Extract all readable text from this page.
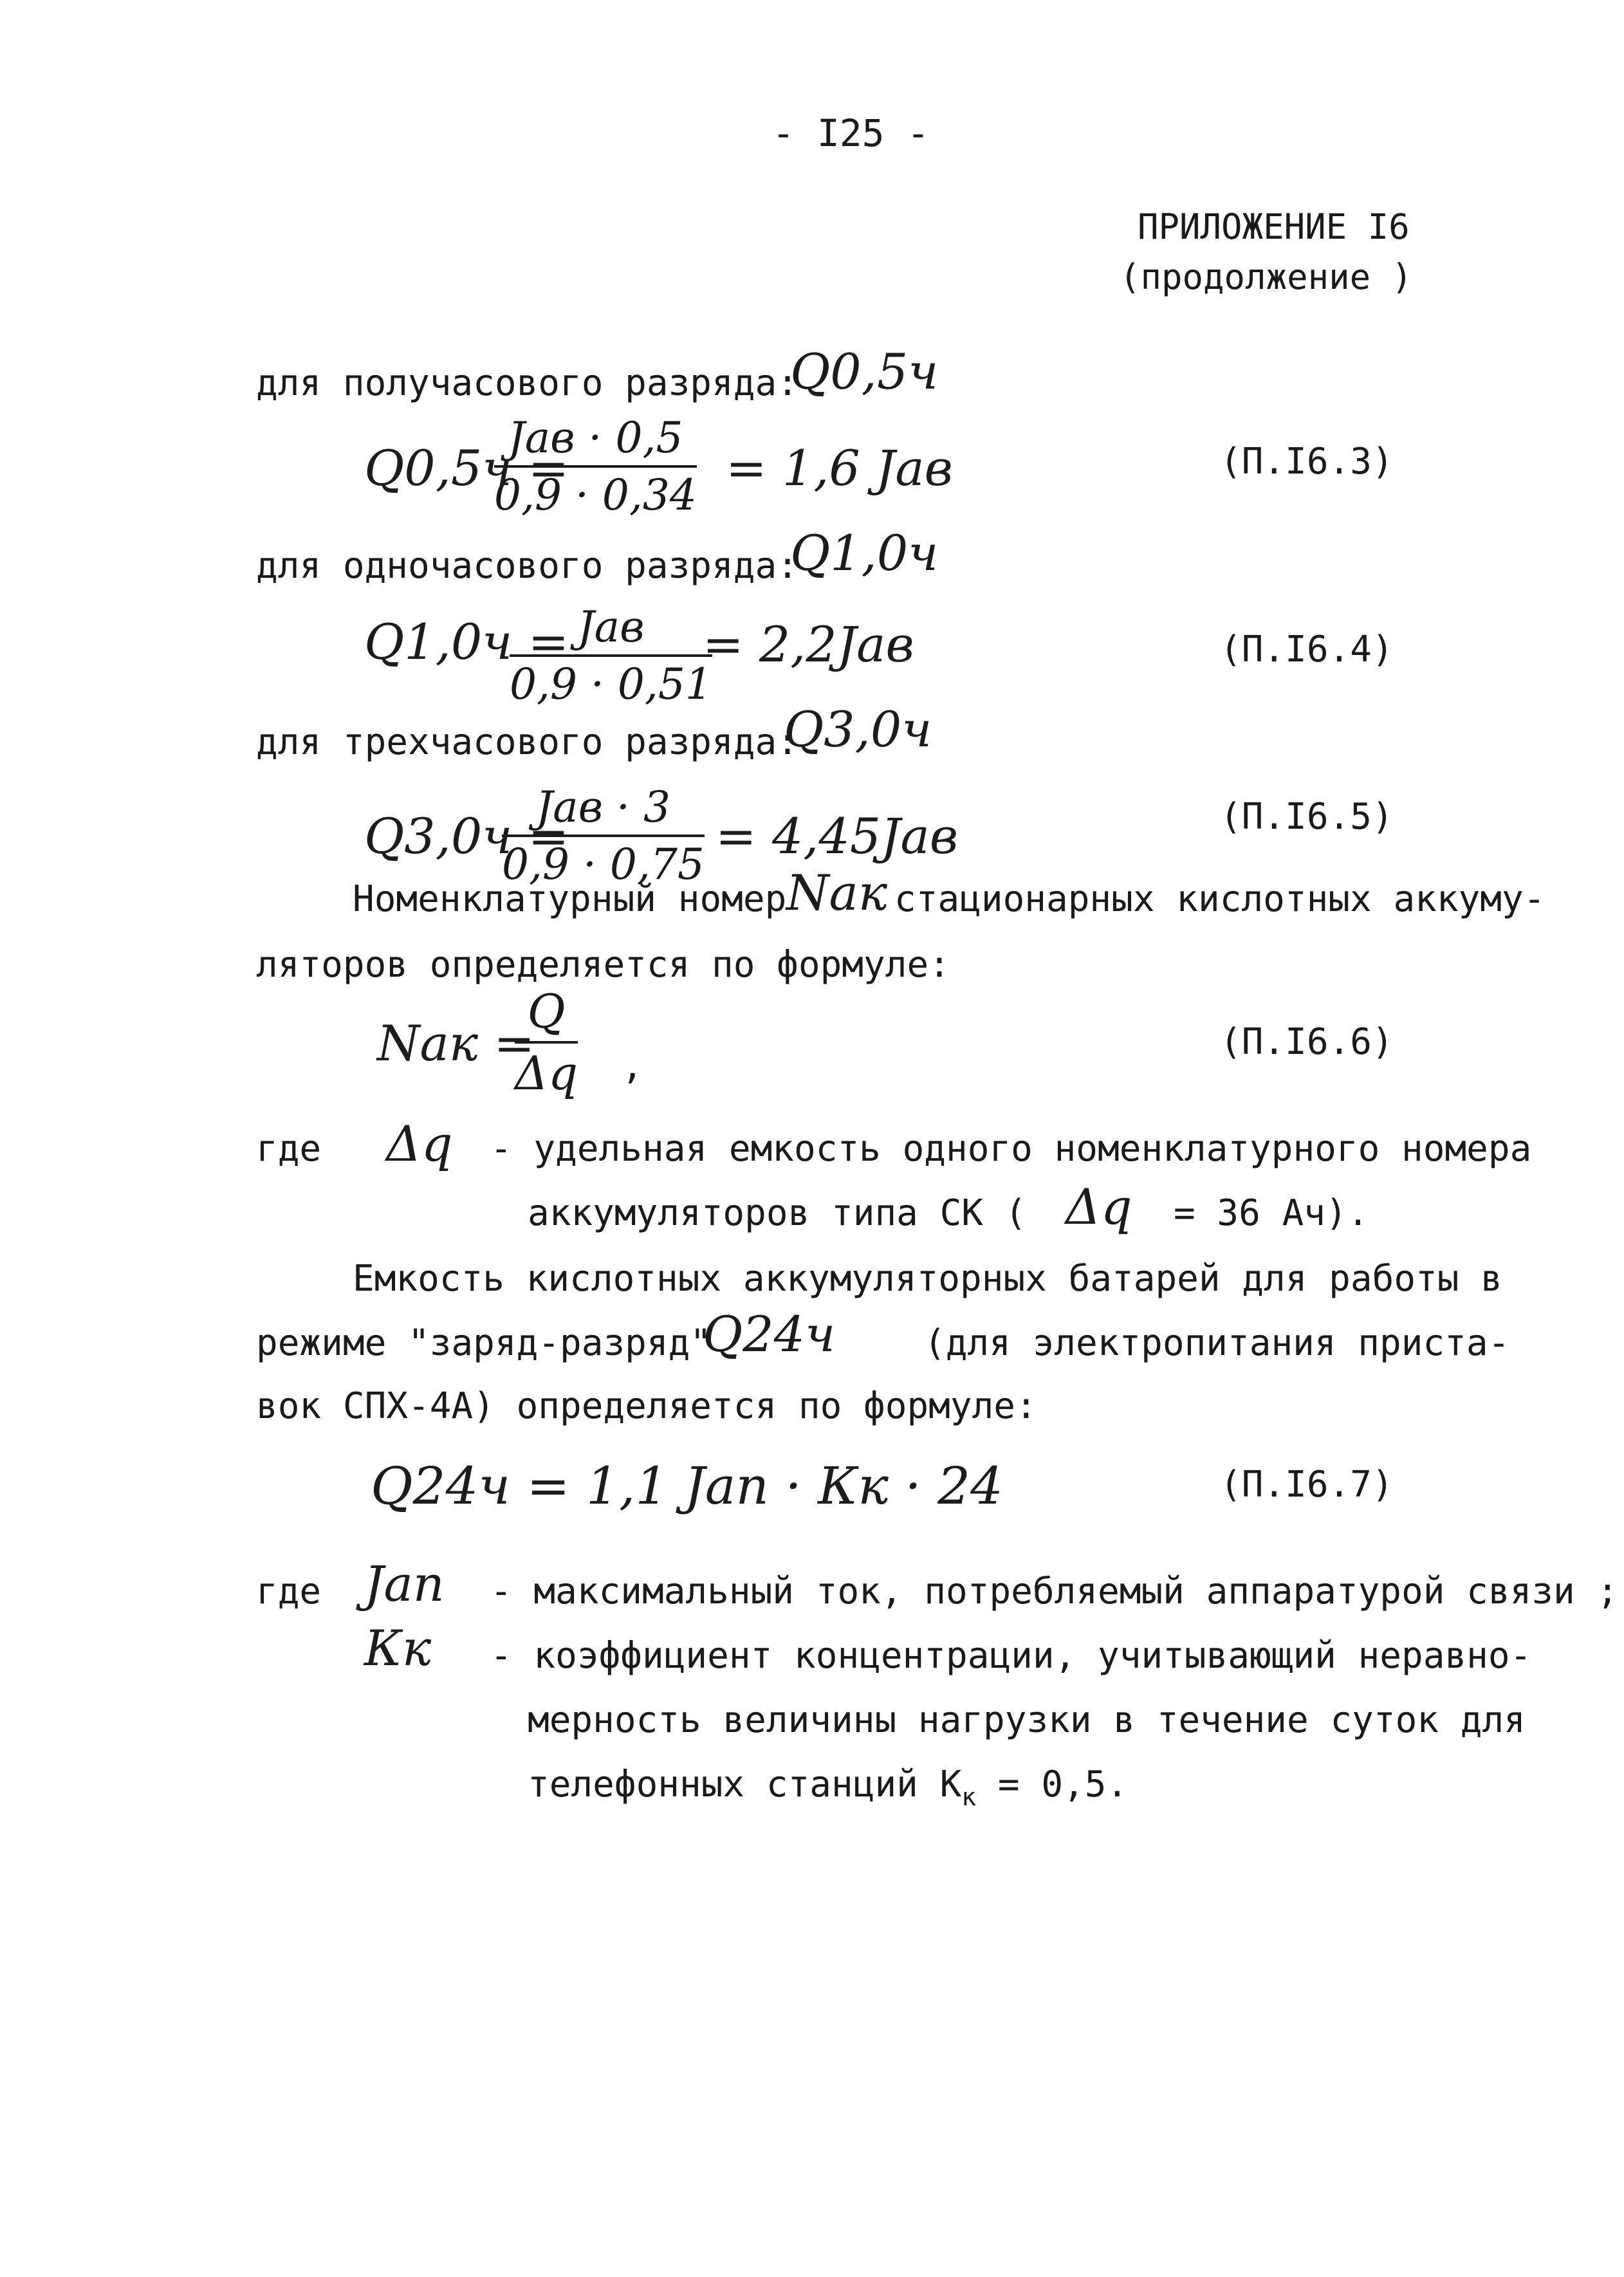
- I25 -
ПРИЛОЖЕНИЕ I6
(продолжение )
для получасового разряда:
Q0,5ч
Q0,5ч =
Jав · 0,5
0,9 · 0,34 = 1,6 Jав	(П.I6.3)
для одночасового разряда:
Q1,0ч
Q1,0ч = Jав
0,9 · 0,51
= 2,2Jав	(П.I6.4)
для трехчасового разряда:
Q3,0ч
Q3,0ч =
Jав · 3
0,9 · 0,75 = 4,45Jав	(П.I6.5)
Номенклатурный номер Nак стационарных кислотных аккуму-
ляторов определяется по формуле:
Nак =
Q
Δq ,
(П.I6.6)
где Δq - удельная емкость одного номенклатурного номера
аккумуляторов типа СК ( Δq = 36 Ач).
Емкость кислотных аккумуляторных батарей для работы в
режиме "заряд-разряд"
Q24ч (для электропитания приста-
вок СПХ-4А) определяется по формуле:
Q24ч = 1,1 Jап · Кк · 24	(П.I6.7)
где Jап - максимальный ток, потребляемый аппаратурой связи ;
Кк - коэффициент концентрации, учитывающий неравно-
мерность величины нагрузки в течение суток для
телефонных станций $К_к = 0,5$.
